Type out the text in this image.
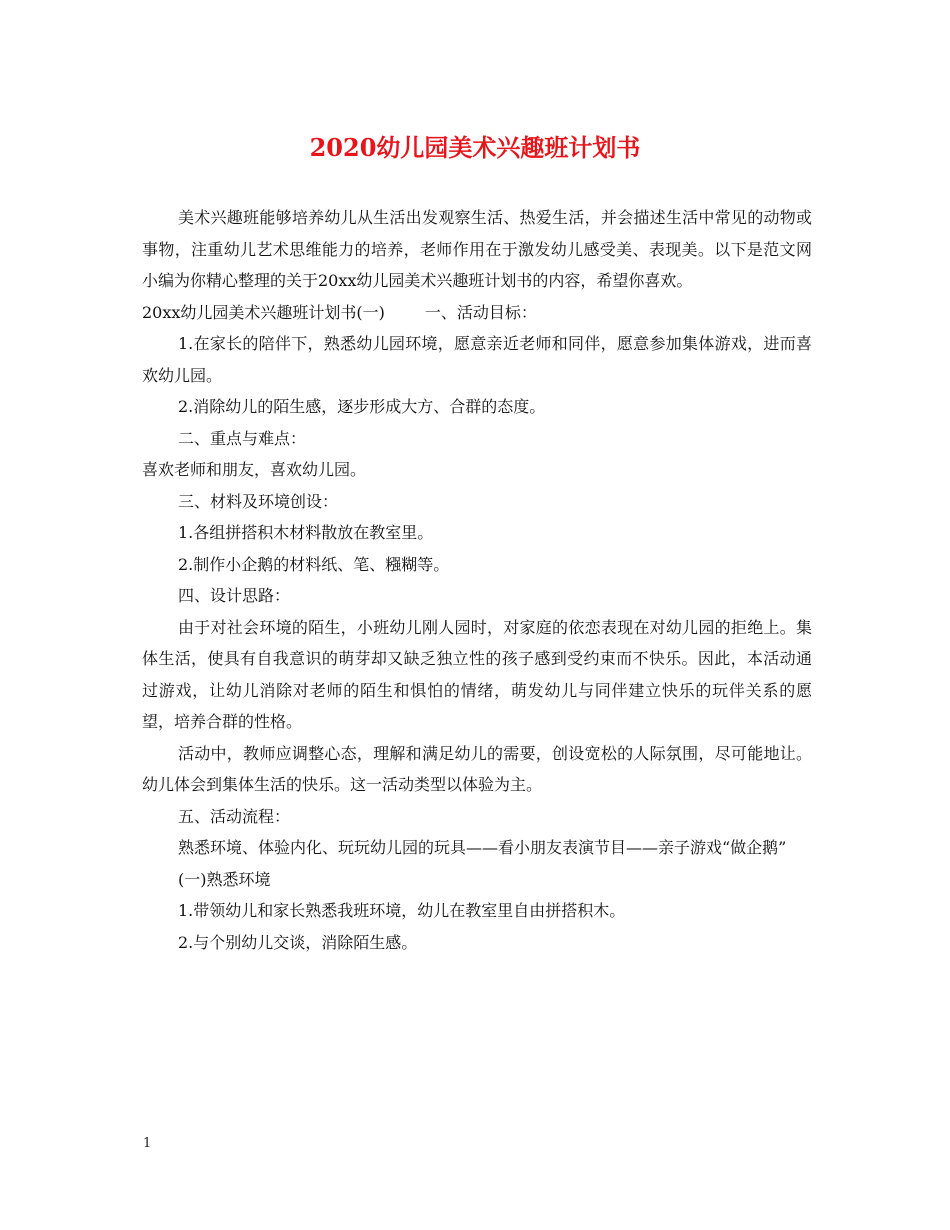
2020幼儿园美术兴趣班计划书

美术兴趣班能够培养幼儿从生活出发观察生活、热爱生活，并会描述生活中常见的动物或事物，注重幼儿艺术思维能力的培养，老师作用在于激发幼儿感受美、表现美。以下是范文网小编为你精心整理的关于20xx幼儿园美术兴趣班计划书的内容，希望你喜欢。

20xx幼儿园美术兴趣班计划书(一)	一、活动目标：

1.在家长的陪伴下，熟悉幼儿园环境，愿意亲近老师和同伴，愿意参加集体游戏，进而喜欢幼儿园。

2.消除幼儿的陌生感，逐步形成大方、合群的态度。

二、重点与难点：

喜欢老师和朋友，喜欢幼儿园。

三、材料及环境创设：

1.各组拼搭积木材料散放在教室里。

2.制作小企鹅的材料纸、笔、糨糊等。

四、设计思路：

由于对社会环境的陌生，小班幼儿刚人园时，对家庭的依恋表现在对幼儿园的拒绝上。集体生活，使具有自我意识的萌芽却又缺乏独立性的孩子感到受约束而不快乐。因此，本活动通过游戏，让幼儿消除对老师的陌生和惧怕的情绪，萌发幼儿与同伴建立快乐的玩伴关系的愿望，培养合群的性格。

活动中，教师应调整心态，理解和满足幼儿的需要，创设宽松的人际氛围，尽可能地让。幼儿体会到集体生活的快乐。这一活动类型以体验为主。

五、活动流程：

熟悉环境、体验内化、玩玩幼儿园的玩具——看小朋友表演节目——亲子游戏“做企鹅”

(一)熟悉环境

1.带领幼儿和家长熟悉我班环境，幼儿在教室里自由拼搭积木。

2.与个别幼儿交谈，消除陌生感。

1
